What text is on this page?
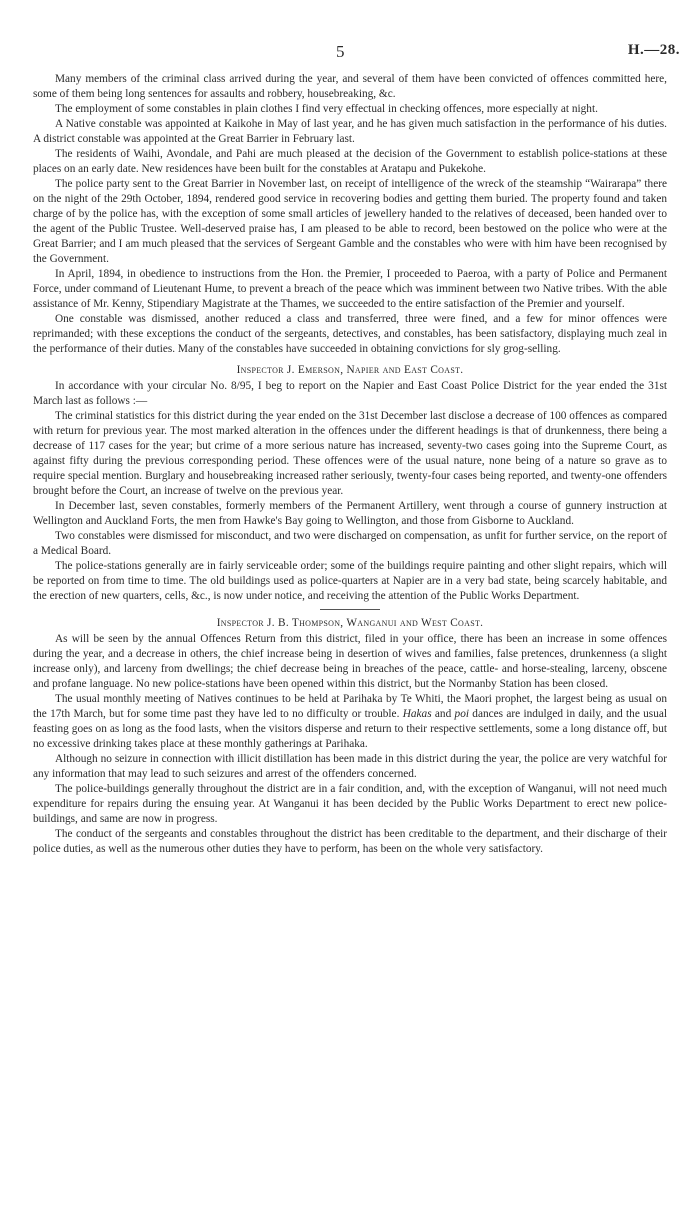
5	H.—28.

Many members of the criminal class arrived during the year, and several of them have been convicted of offences committed here, some of them being long sentences for assaults and robbery, housebreaking, &c.

The employment of some constables in plain clothes I find very effectual in checking offences, more especially at night.

A Native constable was appointed at Kaikohe in May of last year, and he has given much satisfaction in the performance of his duties. A district constable was appointed at the Great Barrier in February last.

The residents of Waihi, Avondale, and Pahi are much pleased at the decision of the Government to establish police-stations at these places on an early date. New residences have been built for the constables at Aratapu and Pukekohe.

The police party sent to the Great Barrier in November last, on receipt of intelligence of the wreck of the steamship “Wairarapa” there on the night of the 29th October, 1894, rendered good service in recovering bodies and getting them buried. The property found and taken charge of by the police has, with the exception of some small articles of jewellery handed to the relatives of deceased, been handed over to the agent of the Public Trustee. Well-deserved praise has, I am pleased to be able to record, been bestowed on the police who were at the Great Barrier; and I am much pleased that the services of Sergeant Gamble and the constables who were with him have been recognised by the Government.

In April, 1894, in obedience to instructions from the Hon. the Premier, I proceeded to Paeroa, with a party of Police and Permanent Force, under command of Lieutenant Hume, to prevent a breach of the peace which was imminent between two Native tribes. With the able assistance of Mr. Kenny, Stipendiary Magistrate at the Thames, we succeeded to the entire satisfaction of the Premier and yourself.

One constable was dismissed, another reduced a class and transferred, three were fined, and a few for minor offences were reprimanded; with these exceptions the conduct of the sergeants, detectives, and constables, has been satisfactory, displaying much zeal in the performance of their duties. Many of the constables have succeeded in obtaining convictions for sly grog-selling.

Inspector J. Emerson, Napier and East Coast.

In accordance with your circular No. 8/95, I beg to report on the Napier and East Coast Police District for the year ended the 31st March last as follows :—

The criminal statistics for this district during the year ended on the 31st December last disclose a decrease of 100 offences as compared with return for previous year. The most marked alteration in the offences under the different headings is that of drunkenness, there being a decrease of 117 cases for the year; but crime of a more serious nature has increased, seventy-two cases going into the Supreme Court, as against fifty during the previous corresponding period. These offences were of the usual nature, none being of a nature so grave as to require special mention. Burglary and housebreaking increased rather seriously, twenty-four cases being reported, and twenty-one offenders brought before the Court, an increase of twelve on the previous year.

In December last, seven constables, formerly members of the Permanent Artillery, went through a course of gunnery instruction at Wellington and Auckland Forts, the men from Hawke's Bay going to Wellington, and those from Gisborne to Auckland.

Two constables were dismissed for misconduct, and two were discharged on compensation, as unfit for further service, on the report of a Medical Board.

The police-stations generally are in fairly serviceable order; some of the buildings require painting and other slight repairs, which will be reported on from time to time. The old buildings used as police-quarters at Napier are in a very bad state, being scarcely habitable, and the erection of new quarters, cells, &c., is now under notice, and receiving the attention of the Public Works Department.

Inspector J. B. Thompson, Wanganui and West Coast.

As will be seen by the annual Offences Return from this district, filed in your office, there has been an increase in some offences during the year, and a decrease in others, the chief increase being in desertion of wives and families, false pretences, drunkenness (a slight increase only), and larceny from dwellings; the chief decrease being in breaches of the peace, cattle- and horse-stealing, larceny, obscene and profane language. No new police-stations have been opened within this district, but the Normanby Station has been closed.

The usual monthly meeting of Natives continues to be held at Parihaka by Te Whiti, the Maori prophet, the largest being as usual on the 17th March, but for some time past they have led to no difficulty or trouble. Hakas and poi dances are indulged in daily, and the usual feasting goes on as long as the food lasts, when the visitors disperse and return to their respective settlements, some a long distance off, but no excessive drinking takes place at these monthly gatherings at Parihaka.

Although no seizure in connection with illicit distillation has been made in this district during the year, the police are very watchful for any information that may lead to such seizures and arrest of the offenders concerned.

The police-buildings generally throughout the district are in a fair condition, and, with the exception of Wanganui, will not need much expenditure for repairs during the ensuing year. At Wanganui it has been decided by the Public Works Department to erect new police-buildings, and same are now in progress.

The conduct of the sergeants and constables throughout the district has been creditable to the department, and their discharge of their police duties, as well as the numerous other duties they have to perform, has been on the whole very satisfactory.
